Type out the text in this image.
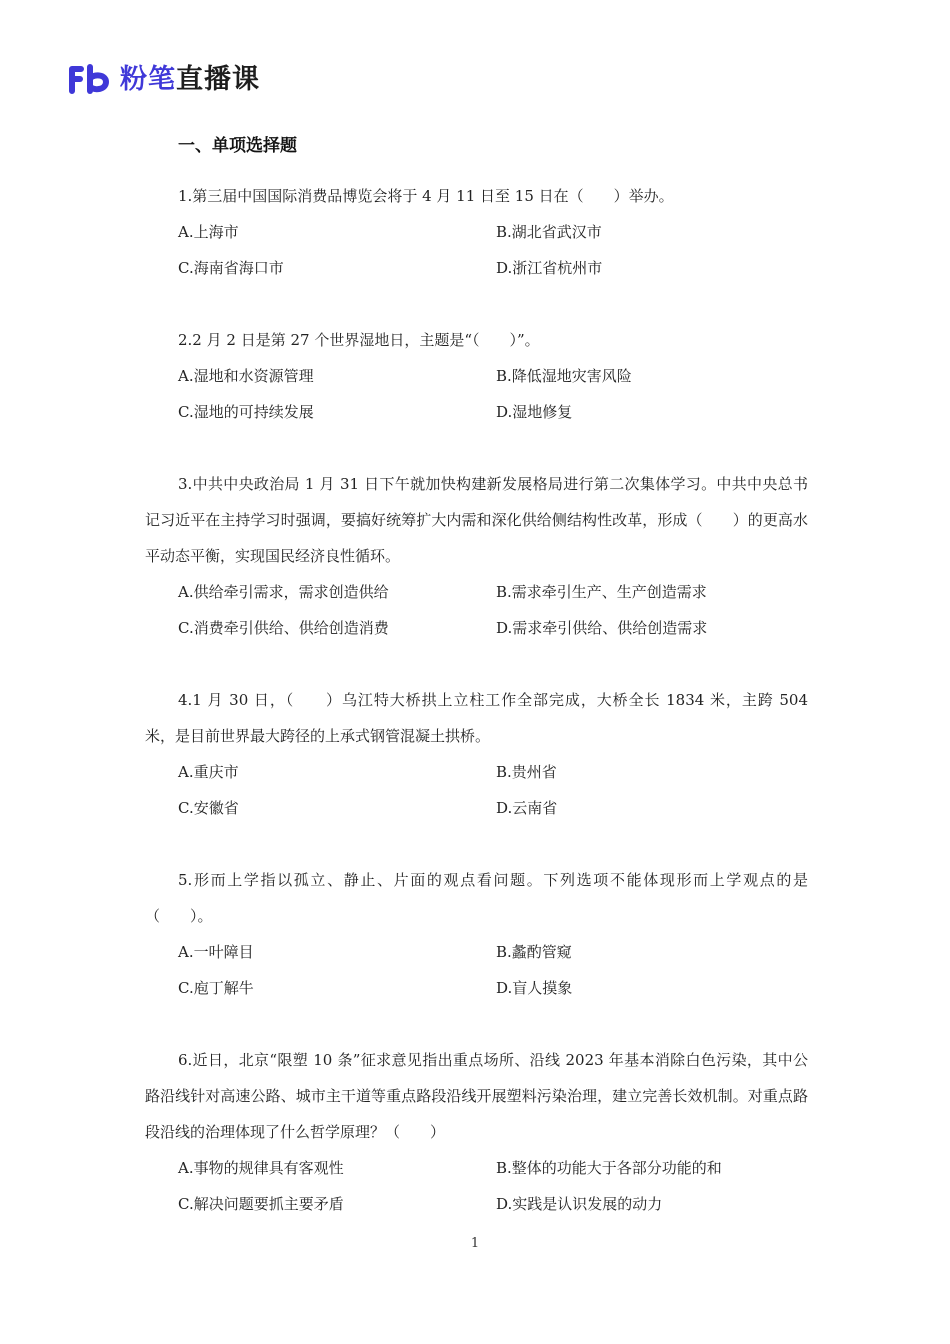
粉笔直播课
一、单项选择题
1.第三届中国国际消费品博览会将于 4 月 11 日至 15 日在（　　）举办。
A.上海市	B.湖北省武汉市
C.海南省海口市	D.浙江省杭州市
2.2 月 2 日是第 27 个世界湿地日，主题是“（　　）”。
A.湿地和水资源管理	B.降低湿地灾害风险
C.湿地的可持续发展	D.湿地修复
3.中共中央政治局 1 月 31 日下午就加快构建新发展格局进行第二次集体学习。中共中央总书记习近平在主持学习时强调，要搞好统筹扩大内需和深化供给侧结构性改革，形成（　　）的更高水平动态平衡，实现国民经济良性循环。
A.供给牵引需求，需求创造供给	B.需求牵引生产、生产创造需求
C.消费牵引供给、供给创造消费	D.需求牵引供给、供给创造需求
4.1 月 30 日，（　　）乌江特大桥拱上立柱工作全部完成，大桥全长 1834 米，主跨 504 米，是目前世界最大跨径的上承式钢管混凝土拱桥。
A.重庆市	B.贵州省
C.安徽省	D.云南省
5.形而上学指以孤立、静止、片面的观点看问题。下列选项不能体现形而上学观点的是（　　）。
A.一叶障目	B.蠡酌管窥
C.庖丁解牛	D.盲人摸象
6.近日，北京“限塑 10 条”征求意见指出重点场所、沿线 2023 年基本消除白色污染，其中公路沿线针对高速公路、城市主干道等重点路段沿线开展塑料污染治理，建立完善长效机制。对重点路段沿线的治理体现了什么哲学原理？（　　）
A.事物的规律具有客观性	B.整体的功能大于各部分功能的和
C.解决问题要抓主要矛盾	D.实践是认识发展的动力
1
